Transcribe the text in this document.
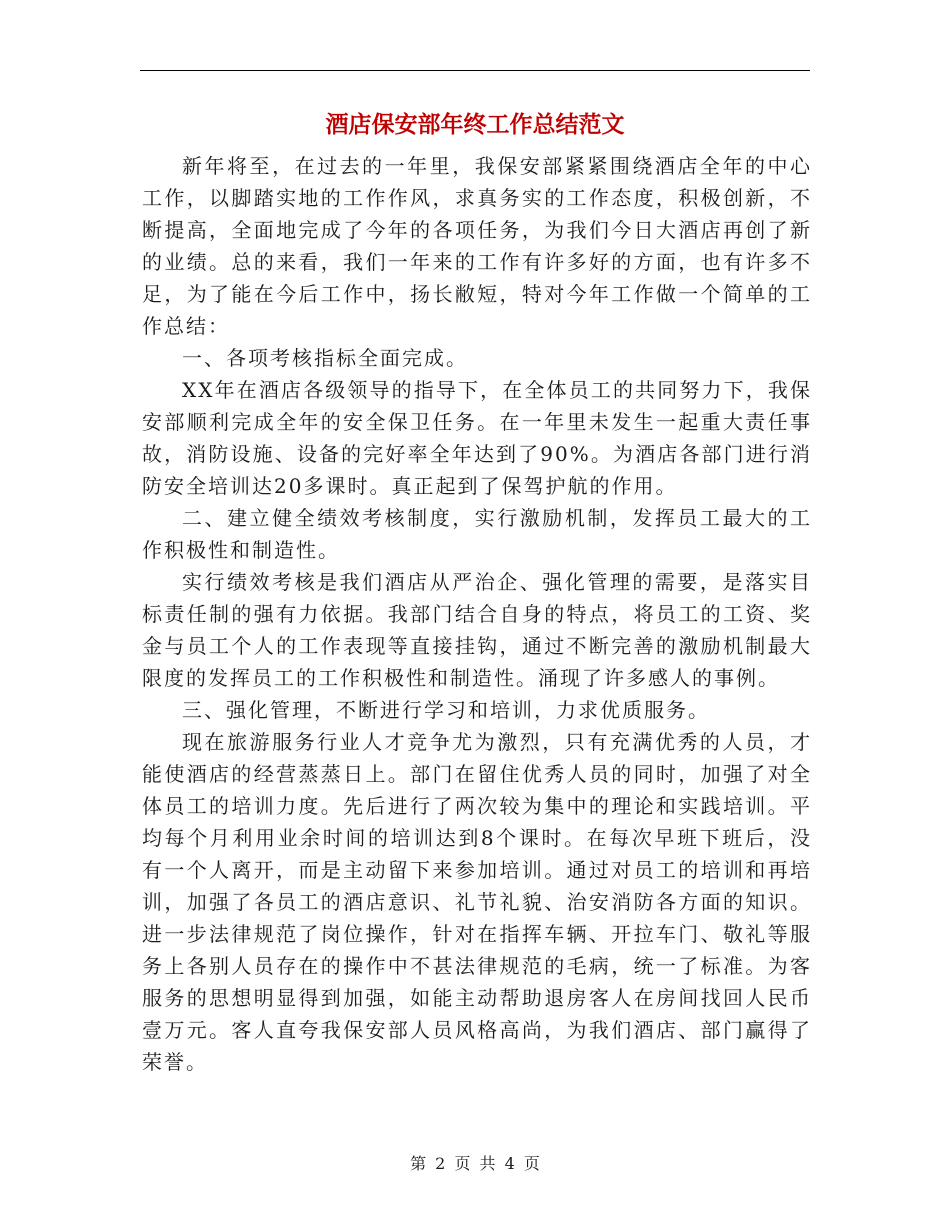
酒店保安部年终工作总结范文

新年将至，在过去的一年里，我保安部紧紧围绕酒店全年的中心工作，以脚踏实地的工作作风，求真务实的工作态度，积极创新，不断提高，全面地完成了今年的各项任务，为我们今日大酒店再创了新的业绩。总的来看，我们一年来的工作有许多好的方面，也有许多不足，为了能在今后工作中，扬长敝短，特对今年工作做一个简单的工作总结：

一、各项考核指标全面完成。

XX年在酒店各级领导的指导下，在全体员工的共同努力下，我保安部顺利完成全年的安全保卫任务。在一年里未发生一起重大责任事故，消防设施、设备的完好率全年达到了90%。为酒店各部门进行消防安全培训达20多课时。真正起到了保驾护航的作用。

二、建立健全绩效考核制度，实行激励机制，发挥员工最大的工作积极性和制造性。

实行绩效考核是我们酒店从严治企、强化管理的需要，是落实目标责任制的强有力依据。我部门结合自身的特点，将员工的工资、奖金与员工个人的工作表现等直接挂钩，通过不断完善的激励机制最大限度的发挥员工的工作积极性和制造性。涌现了许多感人的事例。

三、强化管理，不断进行学习和培训，力求优质服务。

现在旅游服务行业人才竞争尤为激烈，只有充满优秀的人员，才能使酒店的经营蒸蒸日上。部门在留住优秀人员的同时，加强了对全体员工的培训力度。先后进行了两次较为集中的理论和实践培训。平均每个月利用业余时间的培训达到8个课时。在每次早班下班后，没有一个人离开，而是主动留下来参加培训。通过对员工的培训和再培训，加强了各员工的酒店意识、礼节礼貌、治安消防各方面的知识。进一步法律规范了岗位操作，针对在指挥车辆、开拉车门、敬礼等服务上各别人员存在的操作中不甚法律规范的毛病，统一了标准。为客服务的思想明显得到加强，如能主动帮助退房客人在房间找回人民币壹万元。客人直夸我保安部人员风格高尚，为我们酒店、部门赢得了荣誉。

第 2 页 共 4 页
